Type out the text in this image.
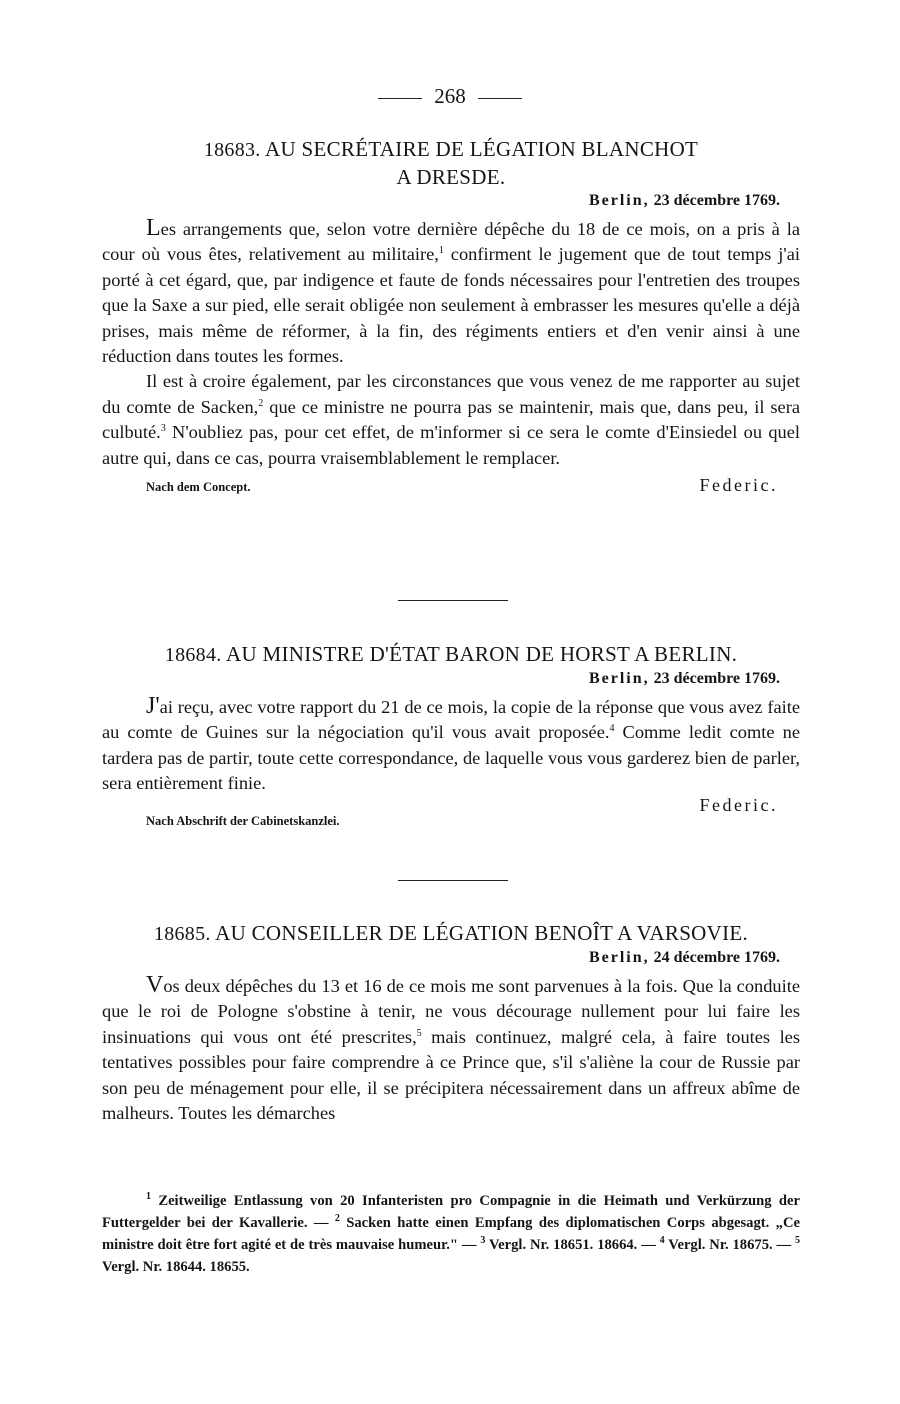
268
18683. AU SECRÉTAIRE DE LÉGATION BLANCHOT
A DRESDE.
Berlin, 23 décembre 1769.

Les arrangements que, selon votre dernière dépêche du 18 de ce mois, on a pris à la cour où vous êtes, relativement au militaire,$^1$ confirment le jugement que de tout temps j'ai porté à cet égard, que, par indigence et faute de fonds nécessaires pour l'entretien des troupes que la Saxe a sur pied, elle serait obligée non seulement à embrasser les mesures qu'elle a déjà prises, mais même de réformer, à la fin, des régiments entiers et d'en venir ainsi à une réduction dans toutes les formes.

Il est à croire également, par les circonstances que vous venez de me rapporter au sujet du comte de Sacken,$^2$ que ce ministre ne pourra pas se maintenir, mais que, dans peu, il sera culbuté.$^3$ N'oubliez pas, pour cet effet, de m'informer si ce sera le comte d'Einsiedel ou quel autre qui, dans ce cas, pourra vraisemblablement le remplacer.

Nach dem Concept.	Federic.
18684. AU MINISTRE D'ÉTAT BARON DE HORST A BERLIN.
Berlin, 23 décembre 1769.

J'ai reçu, avec votre rapport du 21 de ce mois, la copie de la réponse que vous avez faite au comte de Guines sur la négociation qu'il vous avait proposée.$^4$ Comme ledit comte ne tardera pas de partir, toute cette correspondance, de laquelle vous vous garderez bien de parler, sera entièrement finie.

Federic.
Nach Abschrift der Cabinetskanzlei.
18685. AU CONSEILLER DE LÉGATION BENOÎT A VARSOVIE.
Berlin, 24 décembre 1769.

Vos deux dépêches du 13 et 16 de ce mois me sont parvenues à la fois. Que la conduite que le roi de Pologne s'obstine à tenir, ne vous décourage nullement pour lui faire les insinuations qui vous ont été prescrites,$^5$ mais continuez, malgré cela, à faire toutes les tentatives possibles pour faire comprendre à ce Prince que, s'il s'aliène la cour de Russie par son peu de ménagement pour elle, il se précipitera nécessairement dans un affreux abîme de malheurs. Toutes les démarches

$^1$ Zeitweilige Entlassung von 20 Infanteristen pro Compagnie in die Heimath und Verkürzung der Futtergelder bei der Kavallerie. — $^2$ Sacken hatte einen Empfang des diplomatischen Corps abgesagt. „Ce ministre doit être fort agité et de très mauvaise humeur." — $^3$ Vergl. Nr. 18651. 18664. — $^4$ Vergl. Nr. 18675. — $^5$ Vergl. Nr. 18644. 18655.
